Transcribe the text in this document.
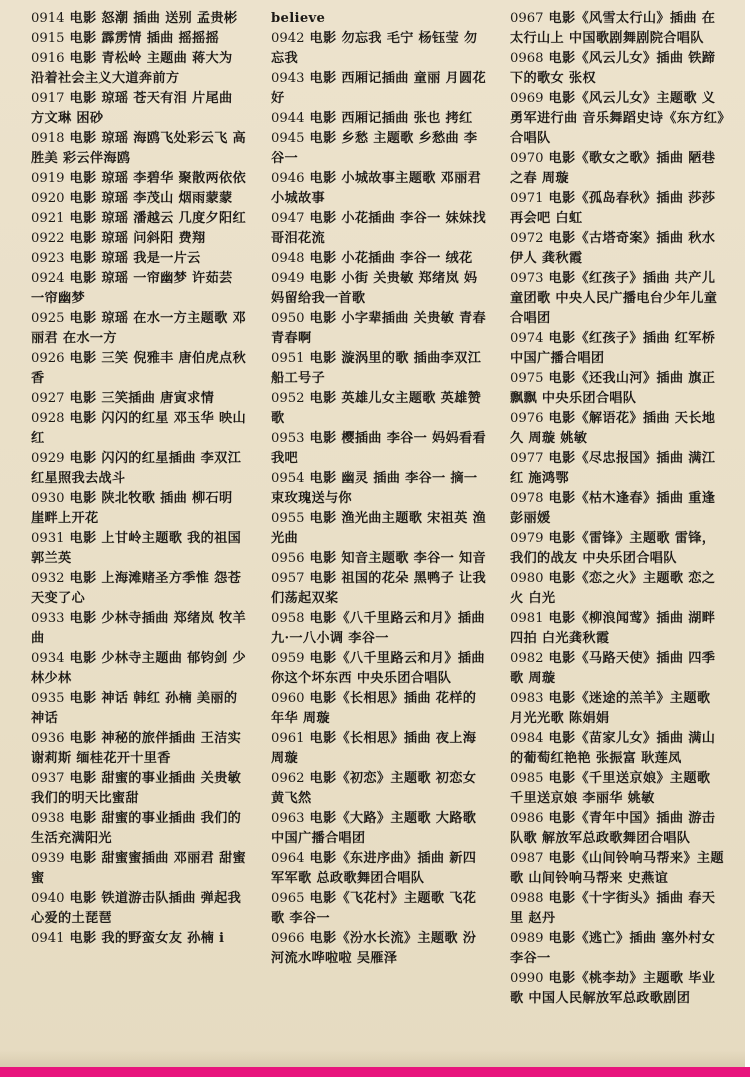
0914 电影 怒潮 插曲 送别 孟贵彬
0915 电影 霹雳情 插曲 摇摇摇
0916 电影 青松岭 主题曲 蒋大为 沿着社会主义大道奔前方
0917 电影 琼瑶 苍天有泪 片尾曲 方文琳 困砂
0918 电影 琼瑶 海鸥飞处彩云飞 高胜美 彩云伴海鸥
0919 电影 琼瑶 李碧华 聚散两依依
0920 电影 琼瑶 李茂山 烟雨蒙蒙
0921 电影 琼瑶 潘越云 几度夕阳红
0922 电影 琼瑶 问斜阳 费翔
0923 电影 琼瑶 我是一片云
0924 电影 琼瑶 一帘幽梦 许茹芸 一帘幽梦
0925 电影 琼瑶 在水一方主题歌 邓丽君 在水一方
0926 电影 三笑 倪雅丰 唐伯虎点秋香
0927 电影 三笑插曲 唐寅求情
0928 电影 闪闪的红星 邓玉华 映山红
0929 电影 闪闪的红星插曲 李双江 红星照我去战斗
0930 电影 陕北牧歌 插曲 柳石明 崖畔上开花
0931 电影 上甘岭主题歌 我的祖国 郭兰英
0932 电影 上海滩赌圣方季惟 怨苍天变了心
0933 电影 少林寺插曲 郑绪岚 牧羊曲
0934 电影 少林寺主题曲 郁钧剑 少林少林
0935 电影 神话 韩红 孙楠 美丽的神话
0936 电影 神秘的旅伴插曲 王洁实 谢莉斯 缅桂花开十里香
0937 电影 甜蜜的事业插曲 关贵敏 我们的明天比蜜甜
0938 电影 甜蜜的事业插曲 我们的生活充满阳光
0939 电影 甜蜜蜜插曲 邓丽君 甜蜜蜜
0940 电影 铁道游击队插曲 弹起我心爱的土琵琶
0941 电影 我的野蛮女友 孙楠 i
believe
0942 电影 勿忘我 毛宁 杨钰莹 勿忘我
0943 电影 西厢记插曲 童丽 月圆花好
0944 电影 西厢记插曲 张也 拷红
0945 电影 乡愁 主题歌 乡愁曲 李谷一
0946 电影 小城故事主题歌 邓丽君 小城故事
0947 电影 小花插曲 李谷一 妹妹找哥泪花流
0948 电影 小花插曲 李谷一 绒花
0949 电影 小街 关贵敏 郑绪岚 妈妈留给我一首歌
0950 电影 小字辈插曲 关贵敏 青春 青春啊
0951 电影 漩涡里的歌 插曲李双江 船工号子
0952 电影 英雄儿女主题歌 英雄赞歌
0953 电影 樱插曲 李谷一 妈妈看看我吧
0954 电影 幽灵 插曲 李谷一 摘一束玫瑰送与你
0955 电影 渔光曲主题歌 宋祖英 渔光曲
0956 电影 知音主题歌 李谷一 知音
0957 电影 祖国的花朵 黑鸭子 让我们荡起双桨
0958 电影《八千里路云和月》插曲 九·一八小调 李谷一
0959 电影《八千里路云和月》插曲 你这个坏东西 中央乐团合唱队
0960 电影《长相思》插曲 花样的年华 周璇
0961 电影《长相思》插曲 夜上海 周璇
0962 电影《初恋》主题歌 初恋女 黄飞然
0963 电影《大路》主题歌 大路歌 中国广播合唱团
0964 电影《东进序曲》插曲 新四军军歌 总政歌舞团合唱队
0965 电影《飞花村》主题歌 飞花歌 李谷一
0966 电影《汾水长流》主题歌 汾河流水哗啦啦 吴雁泽
0967 电影《风雪太行山》插曲 在太行山上 中国歌剧舞剧院合唱队
0968 电影《风云儿女》插曲 铁蹄下的歌女 张权
0969 电影《风云儿女》主题歌 义勇军进行曲 音乐舞蹈史诗《东方红》合唱队
0970 电影《歌女之歌》插曲 陋巷之春 周璇
0971 电影《孤岛春秋》插曲 莎莎再会吧 白虹
0972 电影《古塔奇案》插曲 秋水伊人 龚秋霞
0973 电影《红孩子》插曲 共产儿童团歌 中央人民广播电台少年儿童合唱团
0974 电影《红孩子》插曲 红军桥 中国广播合唱团
0975 电影《还我山河》插曲 旗正飘飘 中央乐团合唱队
0976 电影《解语花》插曲 天长地久 周璇 姚敏
0977 电影《尽忠报国》插曲 满江红 施鸿鄂
0978 电影《枯木逢春》插曲 重逢 彭丽媛
0979 电影《雷锋》主题歌 雷锋，我们的战友 中央乐团合唱队
0980 电影《恋之火》主题歌 恋之火 白光
0981 电影《柳浪闻莺》插曲 湖畔四拍 白光龚秋霞
0982 电影《马路天使》插曲 四季歌 周璇
0983 电影《迷途的羔羊》主题歌 月光光歌 陈娟娟
0984 电影《苗家儿女》插曲 满山的葡萄红艳艳 张振富 耿莲凤
0985 电影《千里送京娘》主题歌 千里送京娘 李丽华 姚敏
0986 电影《青年中国》插曲 游击队歌 解放军总政歌舞团合唱队
0987 电影《山间铃响马帮来》主题歌 山间铃响马帮来 史燕谊
0988 电影《十字街头》插曲 春天里 赵丹
0989 电影《逃亡》插曲 塞外村女 李谷一
0990 电影《桃李劫》主题歌 毕业歌 中国人民解放军总政歌剧团
